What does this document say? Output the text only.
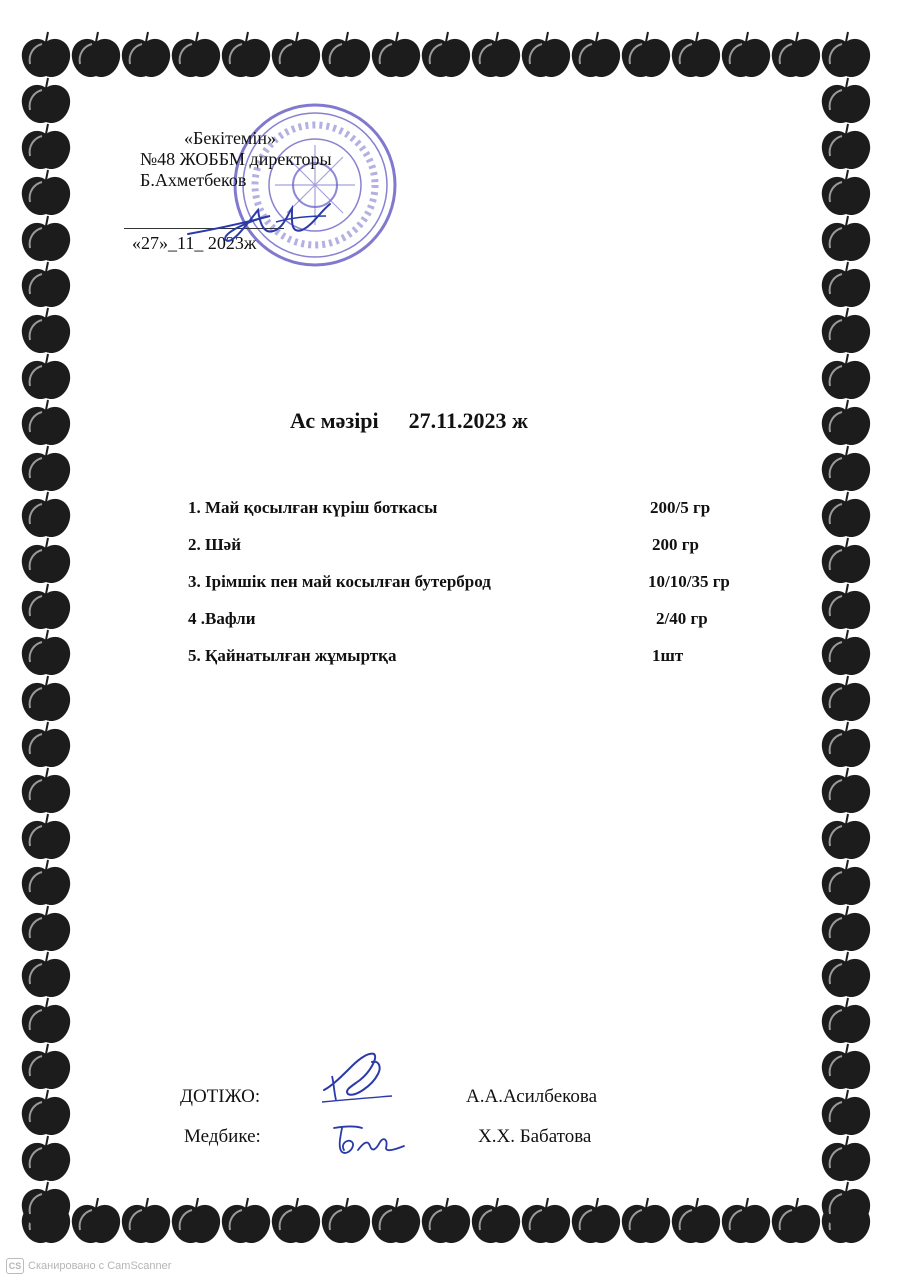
«Бекітемін»
№48 ЖОББМ директоры
Б.Ахметбеков
«27»_11_ 2023ж
Ас мәзірі 27.11.2023 ж
1. Май қосылған күріш боткасы	200/5 гр
2. Шәй	200 гр
3. Ірімшік пен май косылған бутерброд	10/10/35 гр
4 .Вафли	2/40 гр
5. Қайнатылған жұмыртқа	1шт
ДОТІЖО:	А.А.Асилбекова
Медбике:	Х.Х. Бабатова
CS Сканировано с CamScanner
